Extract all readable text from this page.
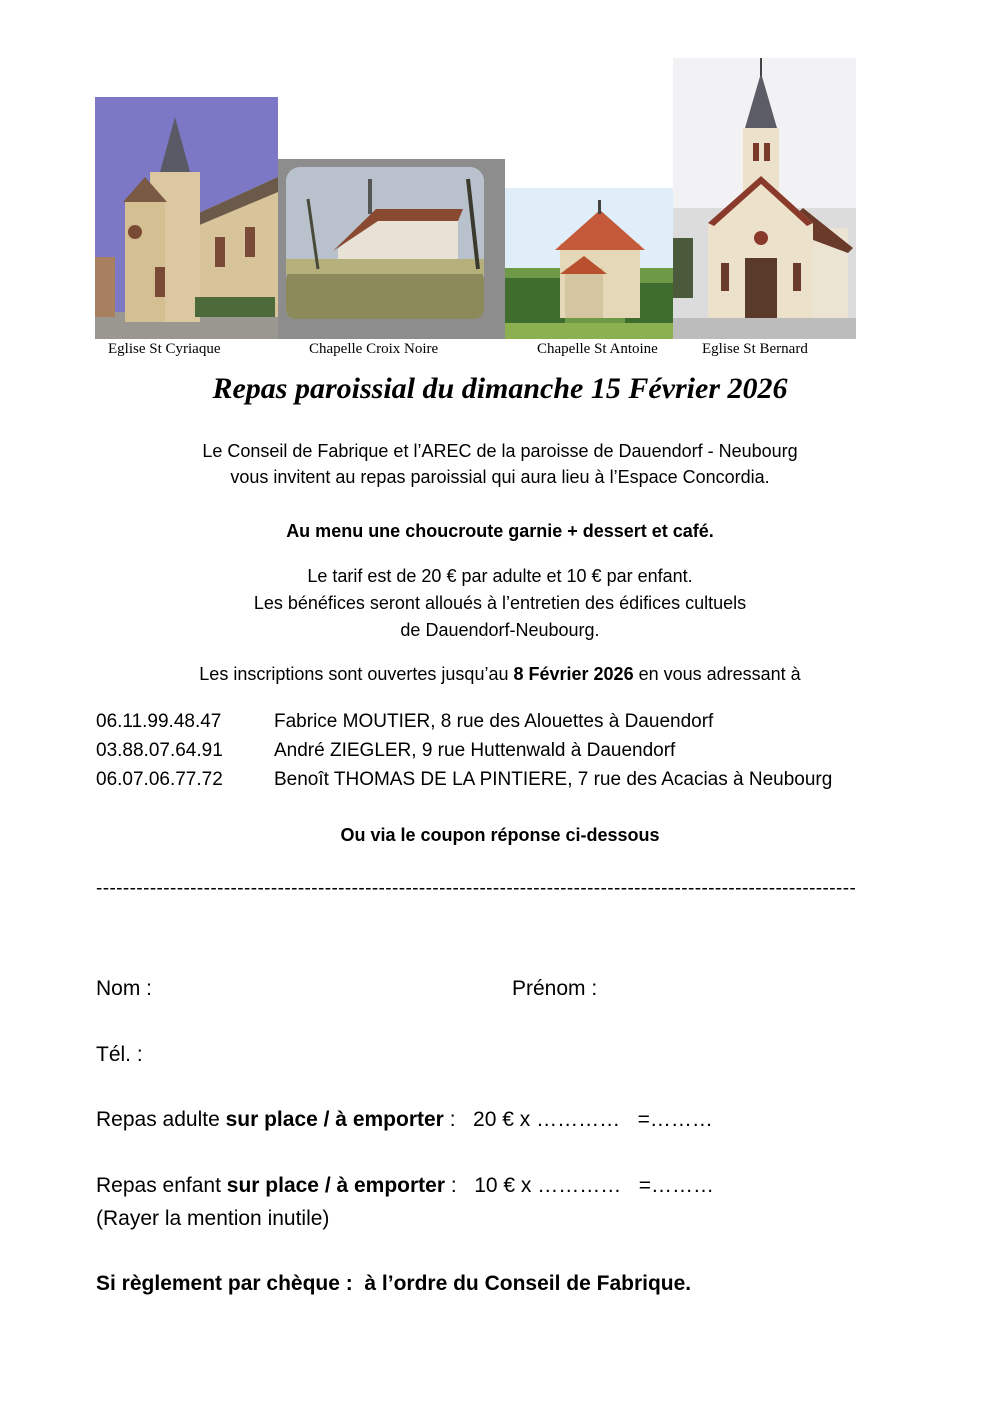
Eglise St Cyriaque	Chapelle Croix Noire	Chapelle St Antoine	Eglise St Bernard
Repas paroissial du dimanche 15 Février 2026
Le Conseil de Fabrique et l’AREC de la paroisse de Dauendorf - Neubourg
vous invitent au repas paroissial qui aura lieu à l’Espace Concordia.
Au menu une choucroute garnie + dessert et café.
Le tarif est de 20 € par adulte et 10 € par enfant.
Les bénéfices seront alloués à l’entretien des édifices cultuels
de Dauendorf-Neubourg.
Les inscriptions sont ouvertes jusqu’au 8 Février 2026 en vous adressant à
06.11.99.48.47	Fabrice MOUTIER, 8 rue des Alouettes à Dauendorf
03.88.07.64.91	André ZIEGLER, 9 rue Huttenwald à Dauendorf
06.07.06.77.72	Benoît THOMAS DE LA PINTIERE, 7 rue des Acacias à Neubourg
Ou via le coupon réponse ci-dessous
-----------------------------------------------------------------------------------------------------------------
Nom :	Prénom :
Tél. :
Repas adulte sur place / à emporter :   20 € x …………   =………
Repas enfant sur place / à emporter :   10 € x …………   =………
(Rayer la mention inutile)
Si règlement par chèque :  à l’ordre du Conseil de Fabrique.
